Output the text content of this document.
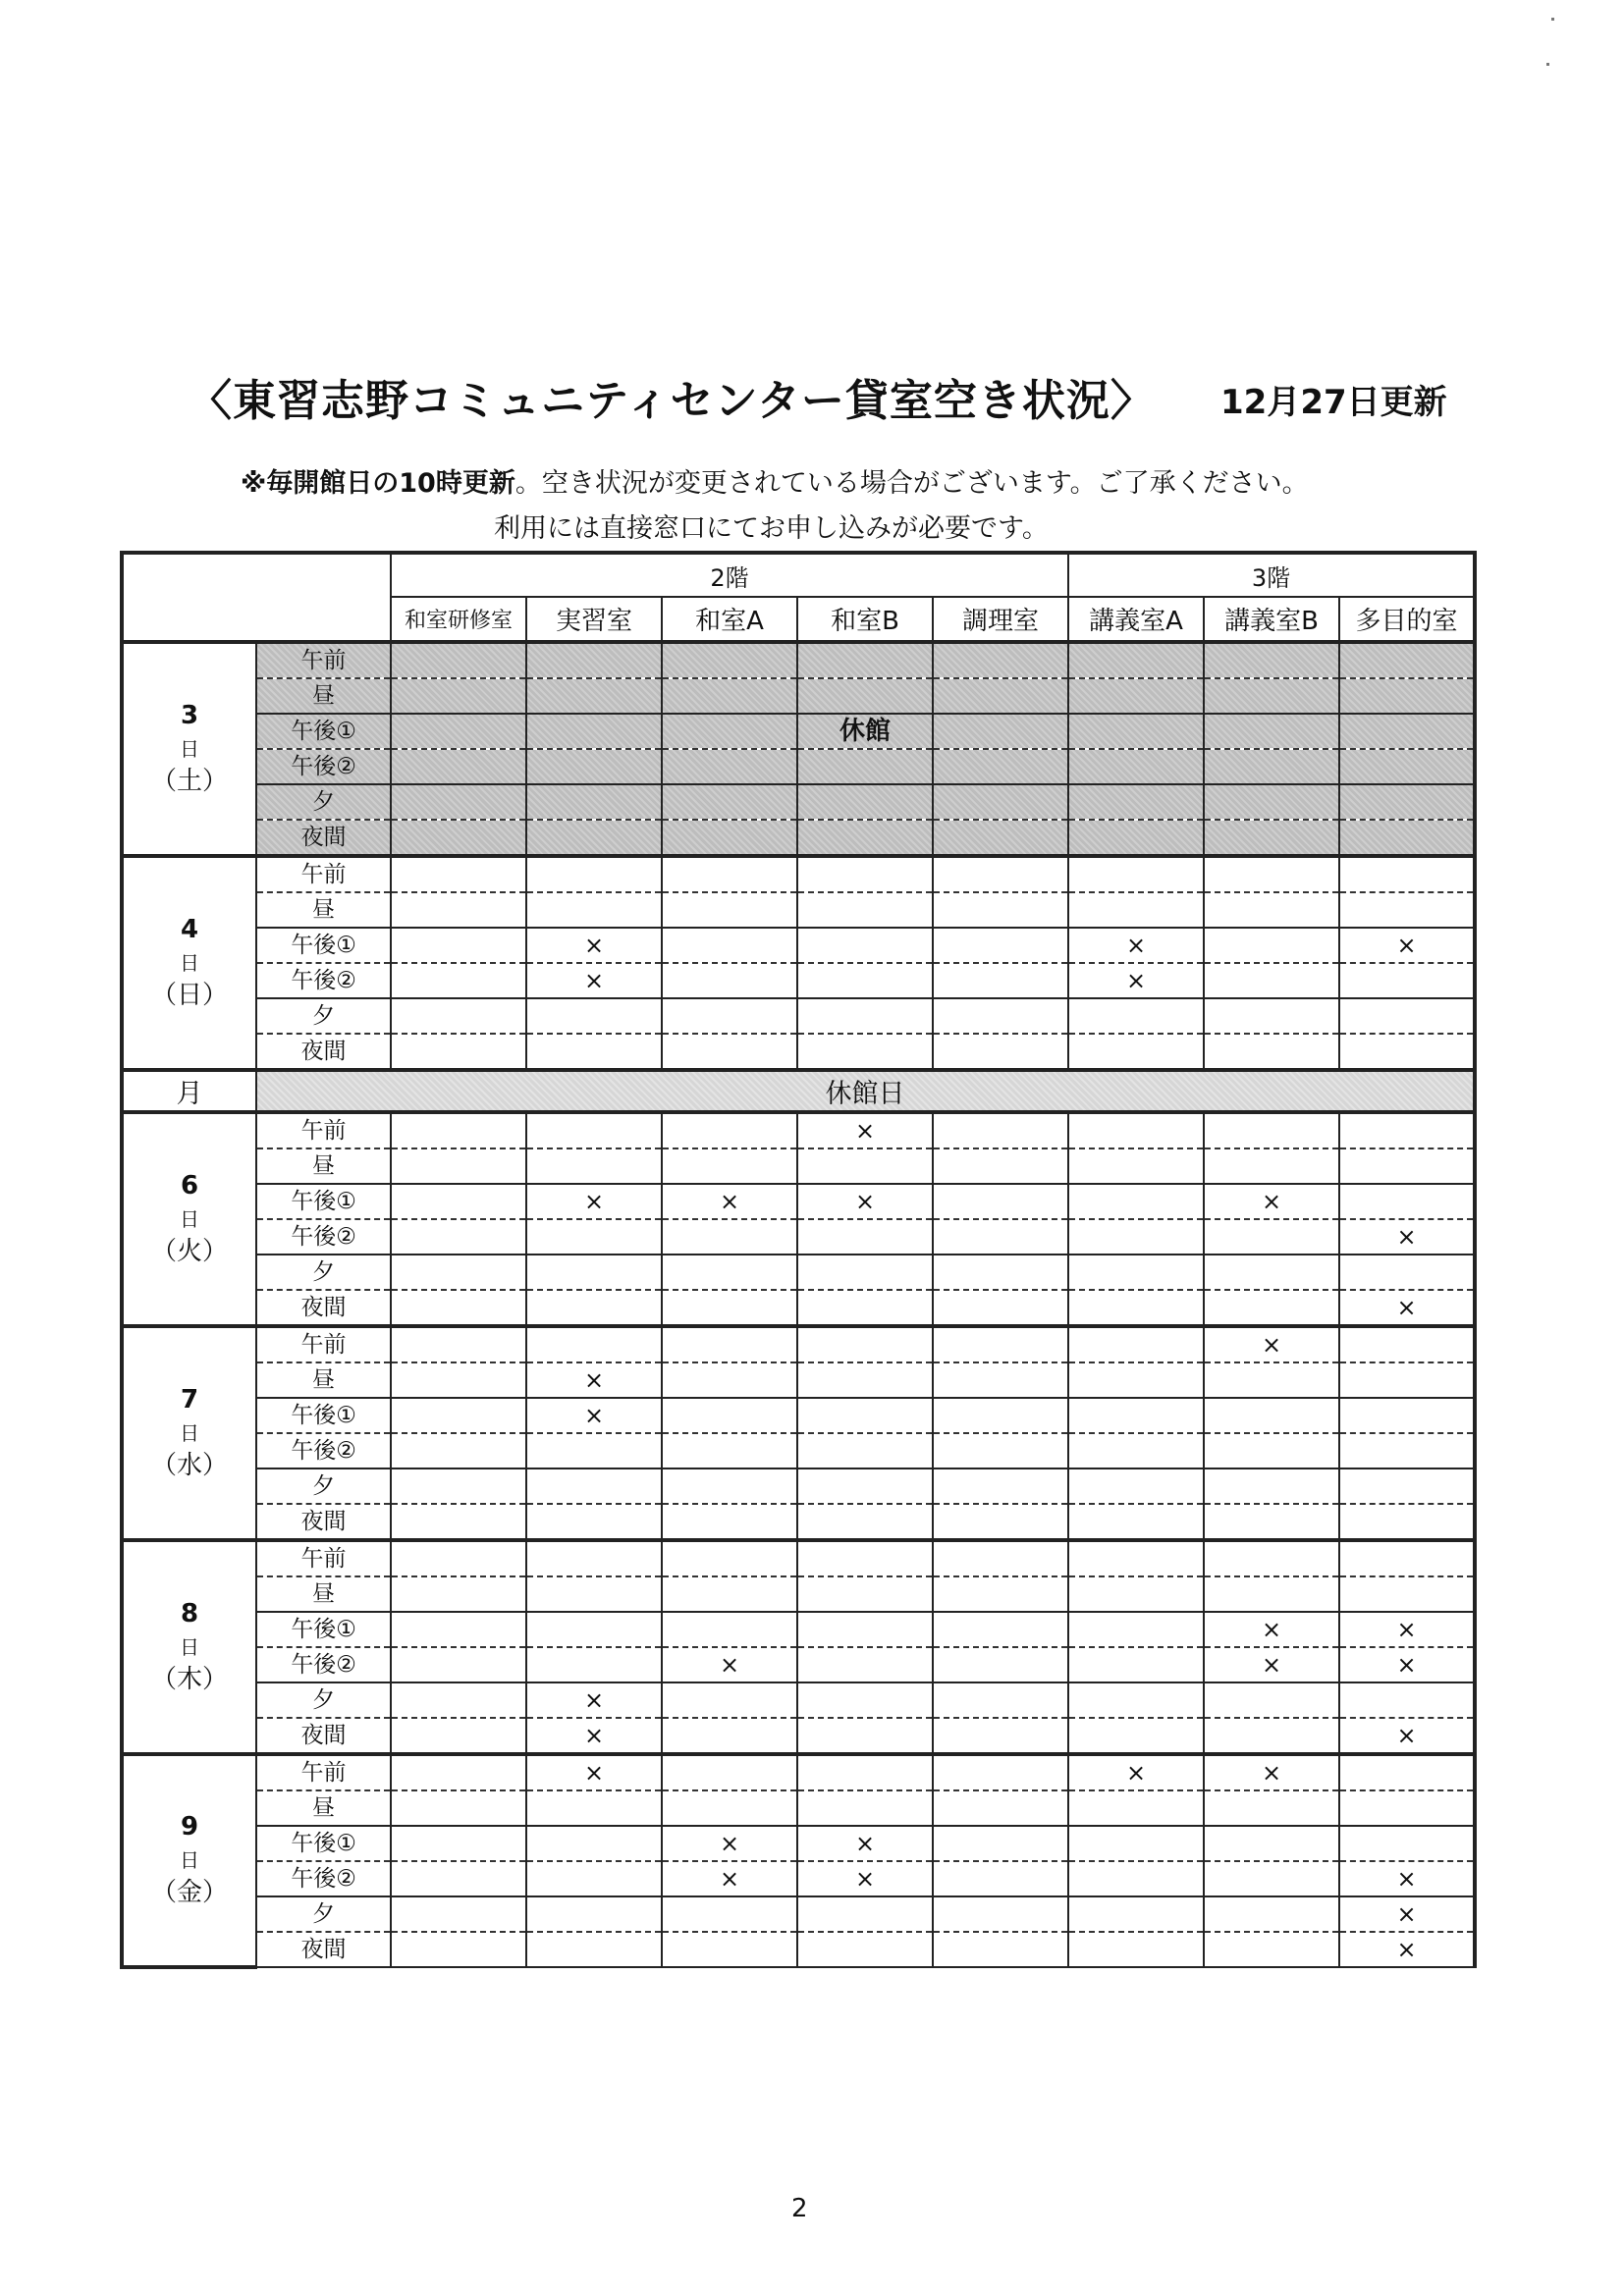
〈東習志野コミュニティセンター貸室空き状況〉 12月27日更新
※毎開館日の10時更新。空き状況が変更されている場合がございます。ご了承ください。
利用には直接窓口にてお申し込みが必要です。
		2階					3階		
		和室研修室	実習室	和室A	和室B	調理室	講義室A	講義室B	多目的室

3
日
（土）	午前								
	昼								
	午後①				休館				
	午後②								
	夕								
	夜間								

4
日
（日）	午前								
	昼								
	午後①		×				×		×
	午後②		×				×		
	夕								
	夜間								
月	休館日								

6
日
（火）	午前				×				
	昼								
	午後①		×	×	×			×	
	午後②								×
	夕								
	夜間								×

7
日
（水）	午前							×	
	昼		×						
	午後①		×						
	午後②								
	夕								
	夜間								

8
日
（木）	午前								
	昼								
	午後①							×	×
	午後②			×				×	×
	夕		×						
	夜間		×						×

9
日
（金）	午前		×				×	×	
	昼								
	午後①			×	×				
	午後②			×	×				×
	夕								×
	夜間								×
2
